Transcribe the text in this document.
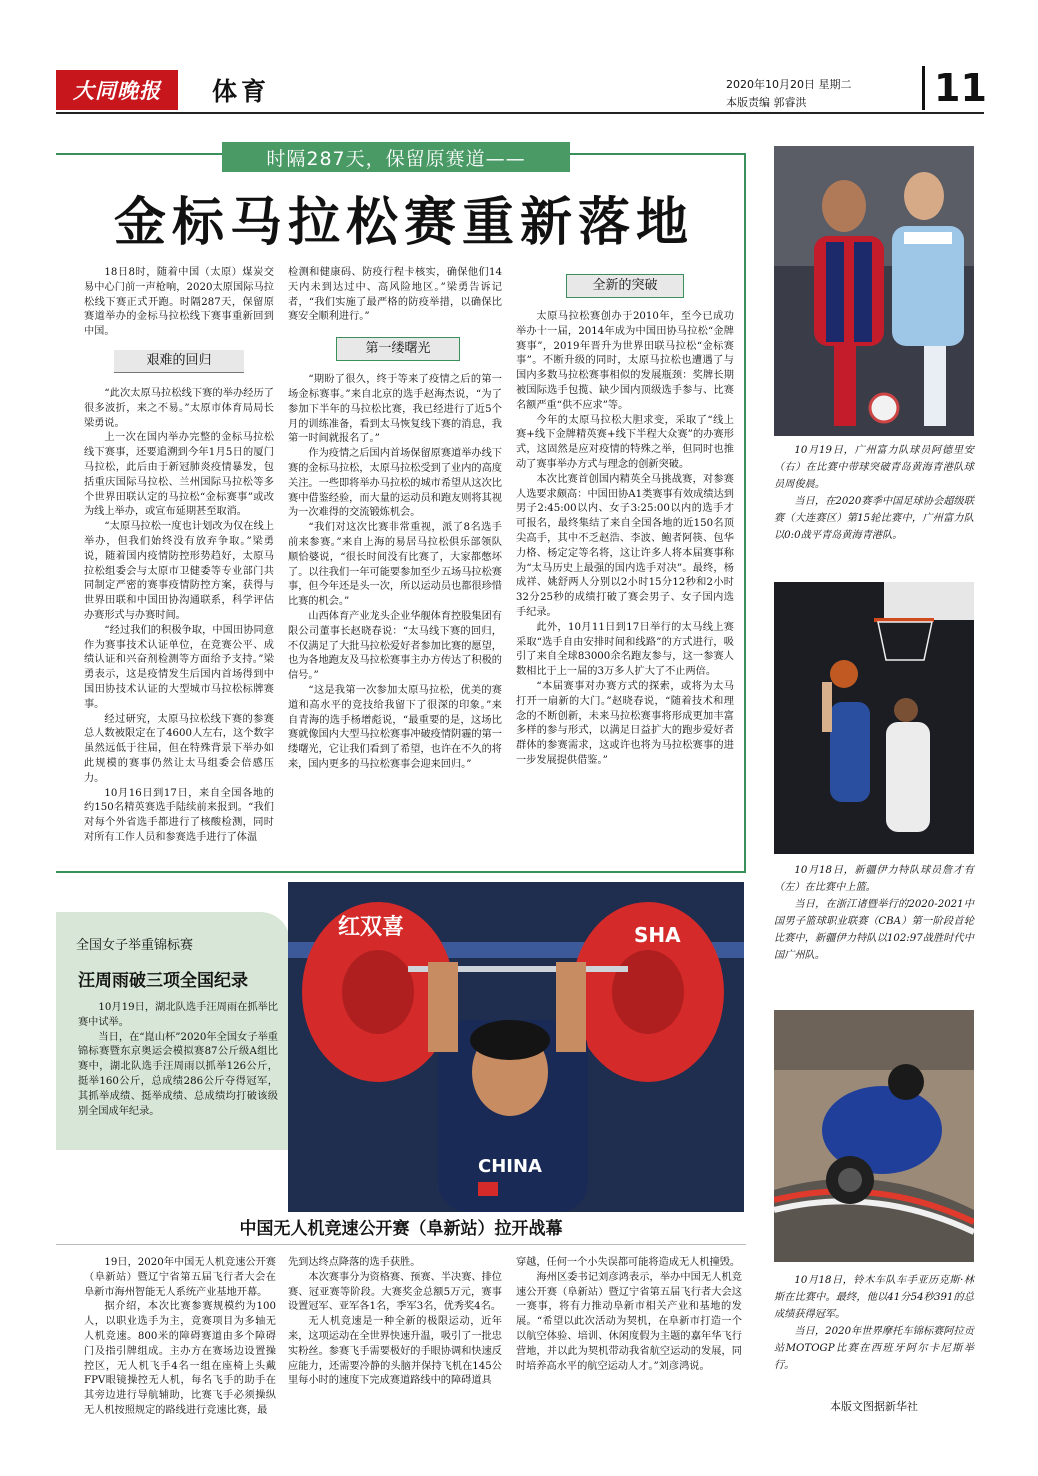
大同晚报	体育	2020年10月20日 星期二
本版责编 郭睿洪	11
时隔287天，保留原赛道——
金标马拉松赛重新落地

18日8时，随着中国（太原）煤炭交易中心门前一声枪响，2020太原国际马拉松线下赛正式开跑。时隔287天，保留原赛道举办的金标马拉松线下赛事重新回到中国。

艰难的回归

“此次太原马拉松线下赛的举办经历了很多波折，来之不易。”太原市体育局局长梁勇说。

上一次在国内举办完整的金标马拉松线下赛事，还要追溯到今年1月5日的厦门马拉松，此后由于新冠肺炎疫情暴发，包括重庆国际马拉松、兰州国际马拉松等多个世界田联认定的马拉松“金标赛事”或改为线上举办，或宣布延期甚至取消。

“太原马拉松一度也计划改为仅在线上举办，但我们始终没有放弃争取。”梁勇说，随着国内疫情防控形势趋好，太原马拉松组委会与太原市卫健委等专业部门共同制定严密的赛事疫情防控方案，获得与世界田联和中国田协沟通联系，科学评估办赛形式与办赛时间。

“经过我们的积极争取，中国田协同意作为赛事技术认证单位，在竞赛公平、成绩认证和兴奋剂检测等方面给予支持。”梁勇表示，这是疫情发生后国内首场得到中国田协技术认证的大型城市马拉松标牌赛事。

经过研究，太原马拉松线下赛的参赛总人数被限定在了4600人左右，这个数字虽然远低于往届，但在特殊背景下举办如此规模的赛事仍然让太马组委会倍感压力。

10月16日到17日，来自全国各地的约150名精英赛选手陆续前来报到。“我们对每个外省选手都进行了核酸检测，同时对所有工作人员和参赛选手进行了体温

检测和健康码、防疫行程卡核实，确保他们14天内未到达过中、高风险地区。”梁勇告诉记者，“我们实施了最严格的防疫举措，以确保比赛安全顺利进行。”

第一缕曙光

“期盼了很久，终于等来了疫情之后的第一场金标赛事。”来自北京的选手赵海杰说，“为了参加下半年的马拉松比赛，我已经进行了近5个月的训练准备，看到太马恢复线下赛的消息，我第一时间就报名了。”

作为疫情之后国内首场保留原赛道举办线下赛的金标马拉松，太原马拉松受到了业内的高度关注。一些即将举办马拉松的城市希望从这次比赛中借鉴经验，而大量的运动员和跑友则将其视为一次难得的交流锻炼机会。

“我们对这次比赛非常重视，派了8名选手前来参赛。”来自上海的易居马拉松俱乐部领队顺恰婆说，“很长时间没有比赛了，大家都憋坏了。以往我们一年可能要参加至少五场马拉松赛事，但今年还是头一次，所以运动员也都很珍惜比赛的机会。”

山西体育产业龙头企业华舰体育控股集团有限公司董事长赵晓春说：“太马线下赛的回归，不仅满足了大批马拉松爱好者参加比赛的愿望，也为各地跑友及马拉松赛事主办方传达了积极的信号。”

“这是我第一次参加太原马拉松，优美的赛道和高水平的竞技给我留下了很深的印象。”来自青海的选手杨增彪说，“最重要的是，这场比赛就像国内大型马拉松赛事冲破疫情阴霾的第一缕曙光，它让我们看到了希望，也许在不久的将来，国内更多的马拉松赛事会迎来回归。”

全新的突破

太原马拉松赛创办于2010年，至今已成功举办十一届，2014年成为中国田协马拉松“金牌赛事”，2019年晋升为世界田联马拉松“金标赛事”。不断升级的同时，太原马拉松也遭遇了与国内多数马拉松赛事相似的发展瓶颈：奖牌长期被国际选手包揽、缺少国内顶级选手参与、比赛名额严重“供不应求”等。

今年的太原马拉松大胆求变，采取了“线上赛+线下金牌精英赛+线下半程大众赛”的办赛形式，这固然是应对疫情的特殊之举，但同时也推动了赛事举办方式与理念的创新突破。

本次比赛首创国内精英全马挑战赛，对参赛人选要求颇高：中国田协A1类赛事有效成绩达到男子2:45:00以内、女子3:25:00以内的选手才可报名，最终集结了来自全国各地的近150名顶尖高手，其中不乏赵浩、李波、鲍者阿筷、包华力格、杨定定等名将，这让许多人将本届赛事称为“太马历史上最强的国内选手对决”。最终，杨成祥、姚舒两人分别以2小时15分12秒和2小时32分25秒的成绩打破了赛会男子、女子国内选手纪录。

此外，10月11日到17日举行的太马线上赛采取“选手自由安排时间和线路”的方式进行，吸引了来自全球83000余名跑友参与，这一参赛人数相比于上一届的3万多人扩大了不止两倍。

“本届赛事对办赛方式的探索，或将为太马打开一扇新的大门。”赵晓春说，“随着技术和理念的不断创新，未来马拉松赛事将形成更加丰富多样的参与形式，以满足日益扩大的跑步爱好者群体的参赛需求，这或许也将为马拉松赛事的进一步发展提供借鉴。”

10月19日，广州富力队球员阿德里安（右）在比赛中带球突破青岛黄海青港队球员周俊晨。
当日，在2020赛季中国足球协会超级联赛（大连赛区）第15轮比赛中，广州富力队以0:0战平青岛黄海青港队。
10月18日，新疆伊力特队球员詹才有（左）在比赛中上篮。
当日，在浙江诸暨举行的2020-2021中国男子篮球职业联赛（CBA）第一阶段首轮比赛中，新疆伊力特队以102:97战胜时代中国广州队。
10月18日，铃木车队车手亚历克斯·林斯在比赛中。最终，他以41分54秒391的总成绩获得冠军。
当日，2020年世界摩托车锦标赛阿拉贡站MOTOGP比赛在西班牙阿尔卡尼斯举行。
本版文图据新华社
全国女子举重锦标赛
汪周雨破三项全国纪录

10月19日，湖北队选手汪周雨在抓举比赛中试举。

当日，在“崑山杯”2020年全国女子举重锦标赛暨东京奥运会模拟赛87公斤级A组比赛中，湖北队选手汪周雨以抓举126公斤，挺举160公斤，总成绩286公斤夺得冠军，其抓举成绩、挺举成绩、总成绩均打破该级别全国成年纪录。

红双喜	SHA
CHINA
中国无人机竞速公开赛（阜新站）拉开战幕

19日，2020年中国无人机竞速公开赛（阜新站）暨辽宁省第五届飞行者大会在阜新市海州智能无人系统产业基地开幕。

据介绍，本次比赛参赛规模约为100人，以职业选手为主，竞赛项目为多轴无人机竞速。800米的障碍赛道由多个障碍门及指引牌组成。主办方在赛场边设置操控区，无人机飞手4名一组在座椅上头戴FPV眼镜操控无人机，每名飞手的助手在其旁边进行导航辅助，比赛飞手必须操纵无人机按照规定的路线进行竞速比赛，最

先到达终点降落的选手获胜。

本次赛事分为资格赛、预赛、半决赛、排位赛、冠亚赛等阶段。大赛奖金总额5万元，赛事设置冠军、亚军各1名，季军3名，优秀奖4名。

无人机竞速是一种全新的极限运动，近年来，这项运动在全世界快速升温，吸引了一批忠实粉丝。参赛飞手需要极好的手眼协调和快速反应能力，还需要冷静的头脑并保持飞机在145公里每小时的速度下完成赛道路线中的障碍道具

穿越，任何一个小失误都可能将造成无人机撞毁。

海州区委书记刘彦鸿表示，举办中国无人机竞速公开赛（阜新站）暨辽宁省第五届飞行者大会这一赛事，将有力推动阜新市相关产业和基地的发展。“希望以此次活动为契机，在阜新市打造一个以航空体验、培训、休闲度假为主题的嘉年华飞行营地，并以此为契机带动我省航空运动的发展，同时培养高水平的航空运动人才。”刘彦鸿说。
